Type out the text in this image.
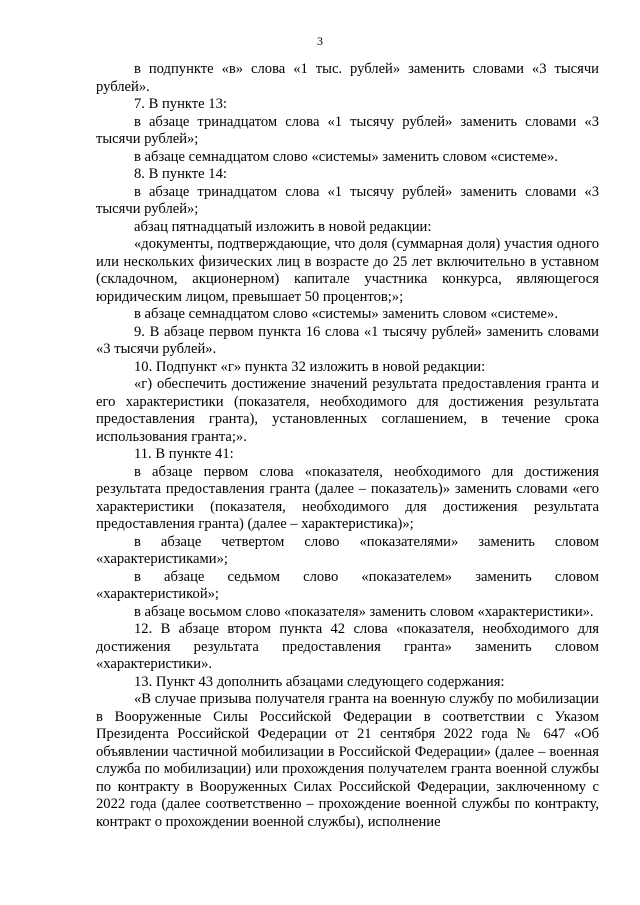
3

в подпункте «в» слова «1 тыс. рублей» заменить словами «3 тысячи рублей».

7. В пункте 13:

в абзаце тринадцатом слова «1 тысячу рублей» заменить словами «3 тысячи рублей»;

в абзаце семнадцатом слово «системы» заменить словом «системе».

8. В пункте 14:

в абзаце тринадцатом слова «1 тысячу рублей» заменить словами «3 тысячи рублей»;

абзац пятнадцатый изложить в новой редакции:

«документы, подтверждающие, что доля (суммарная доля) участия одного или нескольких физических лиц в возрасте до 25 лет включительно в уставном (складочном, акционерном) капитале участника конкурса, являющегося юридическим лицом, превышает 50 процентов;»;

в абзаце семнадцатом слово «системы» заменить словом «системе».

9. В абзаце первом пункта 16 слова «1 тысячу рублей» заменить словами «3 тысячи рублей».

10. Подпункт «г» пункта 32 изложить в новой редакции:

«г) обеспечить достижение значений результата предоставления гранта и его характеристики (показателя, необходимого для достижения результата предоставления гранта), установленных соглашением, в течение срока использования гранта;».

11. В пункте 41:

в абзаце первом слова «показателя, необходимого для достижения результата предоставления гранта (далее – показатель)» заменить словами «его характеристики (показателя, необходимого для достижения результата предоставления гранта) (далее – характеристика)»;

в абзаце четвертом слово «показателями» заменить словом «характеристиками»;

в абзаце седьмом слово «показателем» заменить словом «характеристикой»;

в абзаце восьмом слово «показателя» заменить словом «характеристики».

12. В абзаце втором пункта 42 слова «показателя, необходимого для достижения результата предоставления гранта» заменить словом «характеристики».

13. Пункт 43 дополнить абзацами следующего содержания:

«В случае призыва получателя гранта на военную службу по мобилизации в Вооруженные Силы Российской Федерации в соответствии с Указом Президента Российской Федерации от 21 сентября 2022 года № 647 «Об объявлении частичной мобилизации в Российской Федерации» (далее – военная служба по мобилизации) или прохождения получателем гранта военной службы по контракту в Вооруженных Силах Российской Федерации, заключенному с 2022 года (далее соответственно – прохождение военной службы по контракту, контракт о прохождении военной службы), исполнение
